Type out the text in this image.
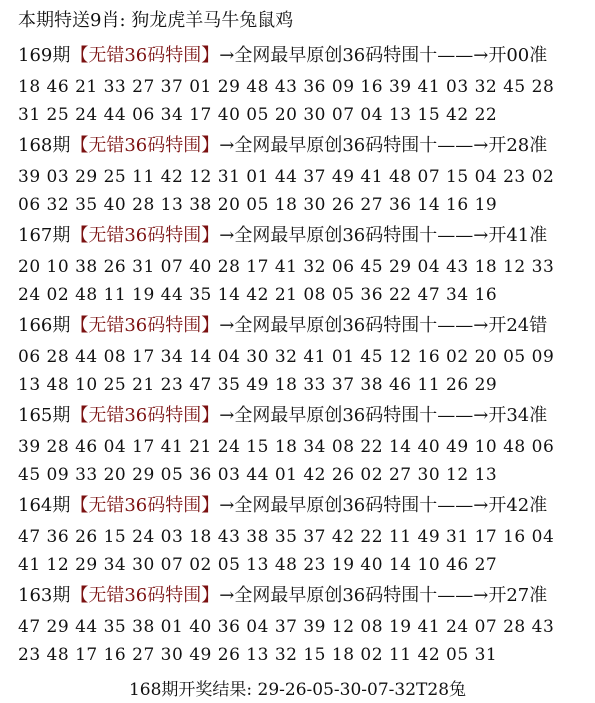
本期特送9肖: 狗龙虎羊马牛兔鼠鸡
169期【无错36码特围】→全网最早原创36码特围十——→开00准
18 46 21 33 27 37 01 29 48 43 36 09 16 39 41 03 32 45 28
31 25 24 44 06 34 17 40 05 20 30 07 04 13 15 42 22
168期【无错36码特围】→全网最早原创36码特围十——→开28准
39 03 29 25 11 42 12 31 01 44 37 49 41 48 07 15 04 23 02
06 32 35 40 28 13 38 20 05 18 30 26 27 36 14 16 19
167期【无错36码特围】→全网最早原创36码特围十——→开41准
20 10 38 26 31 07 40 28 17 41 32 06 45 29 04 43 18 12 33
24 02 48 11 19 44 35 14 42 21 08 05 36 22 47 34 16
166期【无错36码特围】→全网最早原创36码特围十——→开24错
06 28 44 08 17 34 14 04 30 32 41 01 45 12 16 02 20 05 09
13 48 10 25 21 23 47 35 49 18 33 37 38 46 11 26 29
165期【无错36码特围】→全网最早原创36码特围十——→开34准
39 28 46 04 17 41 21 24 15 18 34 08 22 14 40 49 10 48 06
45 09 33 20 29 05 36 03 44 01 42 26 02 27 30 12 13
164期【无错36码特围】→全网最早原创36码特围十——→开42准
47 36 26 15 24 03 18 43 38 35 37 42 22 11 49 31 17 16 04
41 12 29 34 30 07 02 05 13 48 23 19 40 14 10 46 27
163期【无错36码特围】→全网最早原创36码特围十——→开27准
47 29 44 35 38 01 40 36 04 37 39 12 08 19 41 24 07 28 43
23 48 17 16 27 30 49 26 13 32 15 18 02 11 42 05 31
168期开奖结果: 29-26-05-30-07-32T28兔
